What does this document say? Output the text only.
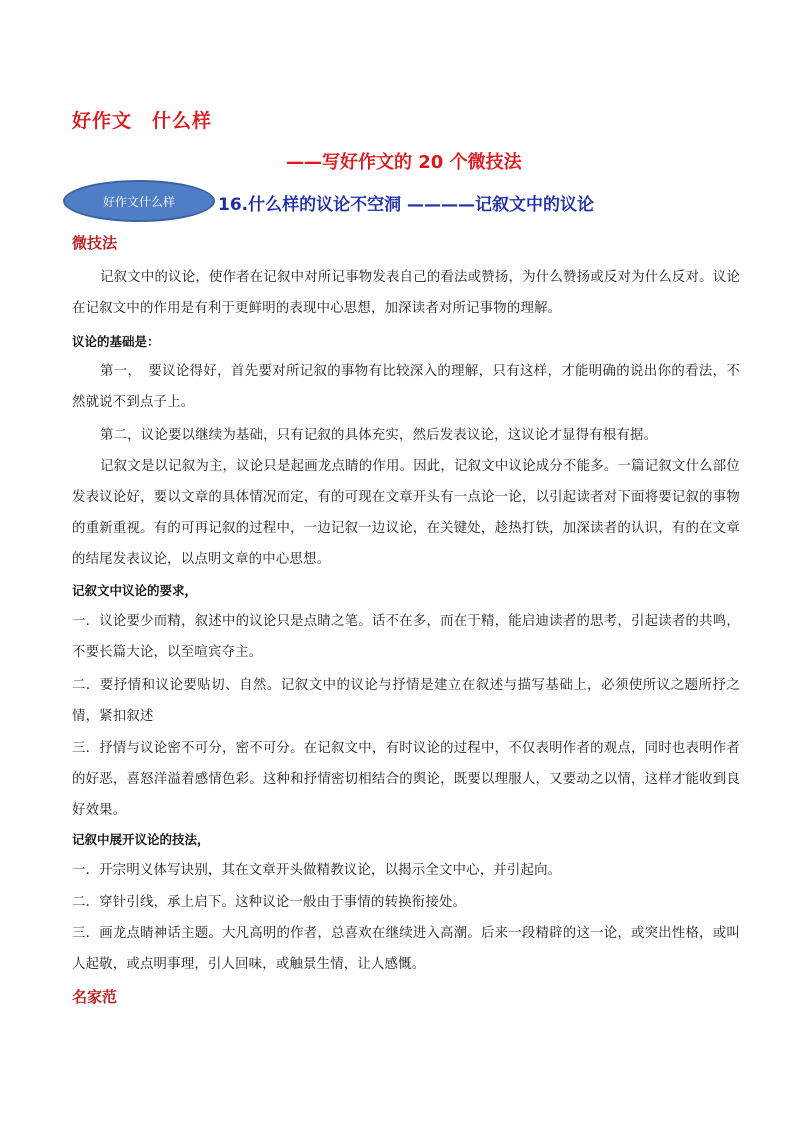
好作文　什么样
——写好作文的 20 个微技法
好作文什么样	16.什么样的议论不空洞 ————记叙文中的议论
微技法
记叙文中的议论，使作者在记叙中对所记事物发表自己的看法或赞扬，为什么赞扬或反对为什么反对。议论在记叙文中的作用是有利于更鲜明的表现中心思想，加深读者对所记事物的理解。
议论的基础是：
第一，　要议论得好，首先要对所记叙的事物有比较深入的理解，只有这样，才能明确的说出你的看法，不然就说不到点子上。
第二，议论要以继续为基础，只有记叙的具体充实，然后发表议论，这议论才显得有根有据。
记叙文是以记叙为主，议论只是起画龙点睛的作用。因此，记叙文中议论成分不能多。一篇记叙文什么部位发表议论好，要以文章的具体情况而定，有的可现在文章开头有一点论一论，以引起读者对下面将要记叙的事物的重新重视。有的可再记叙的过程中，一边记叙一边议论，在关键处，趁热打铁，加深读者的认识，有的在文章的结尾发表议论，以点明文章的中心思想。
记叙文中议论的要求，
一．议论要少而精，叙述中的议论只是点睛之笔。话不在多，而在于精，能启迪读者的思考，引起读者的共鸣，不要长篇大论，以至喧宾夺主。
二．要抒情和议论要贴切、自然。记叙文中的议论与抒情是建立在叙述与描写基础上，必须使所议之题所抒之情，紧扣叙述
三．抒情与议论密不可分，密不可分。在记叙文中，有时议论的过程中，不仅表明作者的观点，同时也表明作者的好恶，喜怒洋溢着感情色彩。这种和抒情密切相结合的舆论，既要以理服人，又要动之以情，这样才能收到良好效果。
记叙中展开议论的技法，
一．开宗明义体写诀别，其在文章开头做精教议论，以揭示全文中心，并引起向。
二．穿针引线，承上启下。这种议论一般由于事情的转换衔接处。
三．画龙点睛神话主题。大凡高明的作者，总喜欢在继续进入高潮。后来一段精辟的这一论，或突出性格，或叫人起敬，或点明事理，引人回味，或触景生情，让人感慨。
名家范
